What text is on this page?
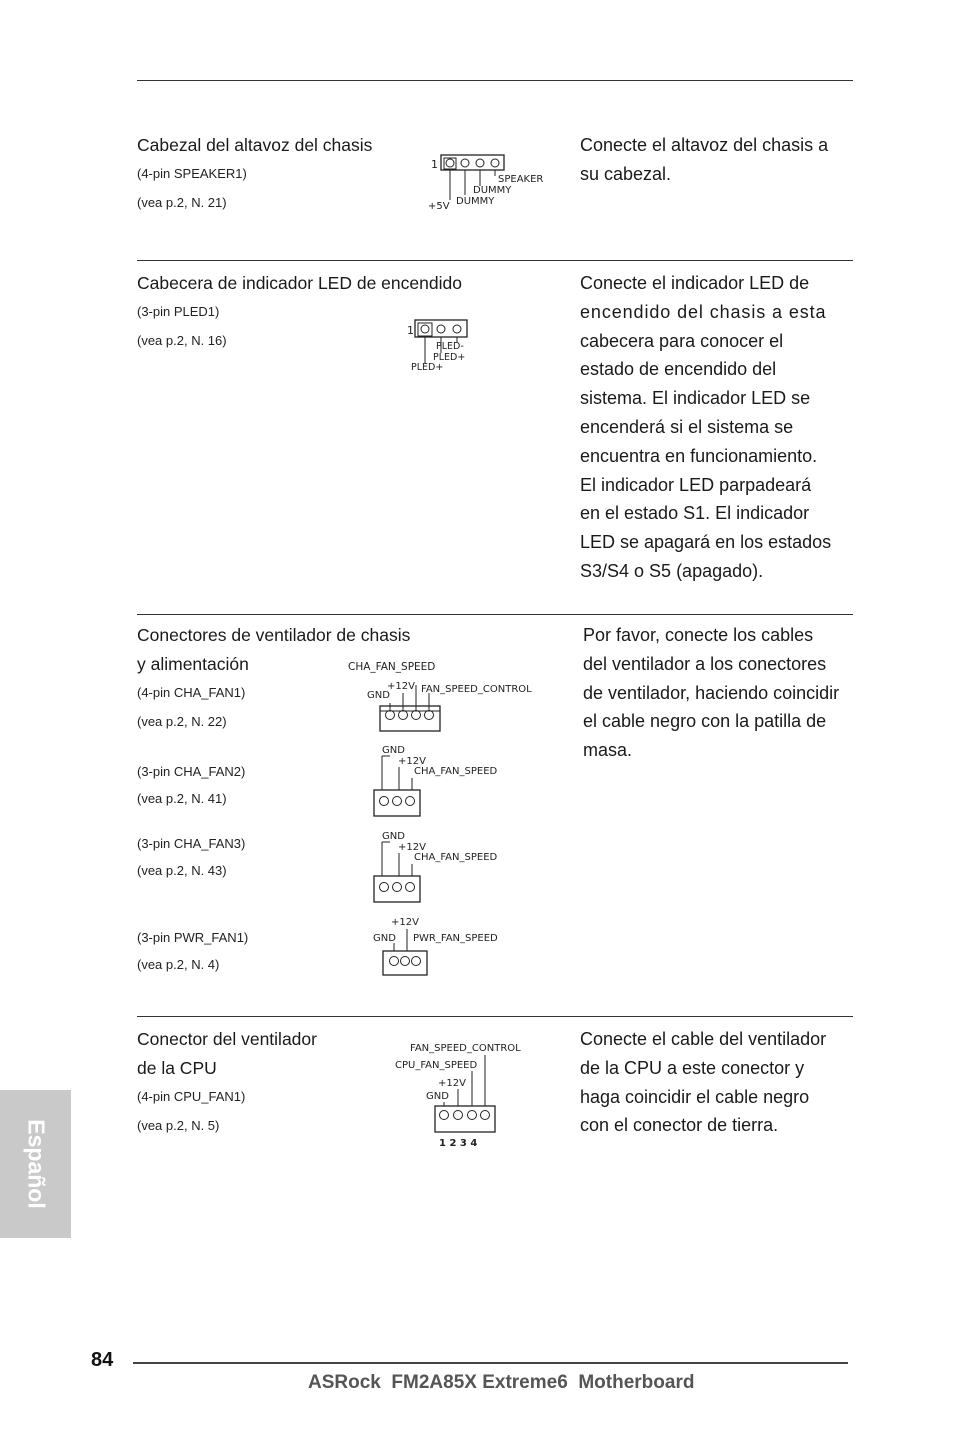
Cabezal del altavoz del chasis
(4-pin SPEAKER1)
(vea p.2, N. 21)
Conecte el altavoz del chasis a
su cabezal.
1
SPEAKER
DUMMY
DUMMY
+5V
Cabecera de indicador LED de encendido
(3-pin PLED1)
(vea p.2, N. 16)
Conecte el indicador LED de
encendido del chasis a esta
cabecera para conocer el
estado de encendido del
sistema. El indicador LED se
encenderá si el sistema se
encuentra en funcionamiento.
El indicador LED parpadeará
en el estado S1. El indicador
LED se apagará en los estados
S3/S4 o S5 (apagado).
1
PLED-
PLED+
PLED+
Conectores de ventilador de chasis
y alimentación
(4-pin CHA_FAN1)
(vea p.2, N. 22)
(3-pin CHA_FAN2)
(vea p.2, N. 41)
(3-pin CHA_FAN3)
(vea p.2, N. 43)
(3-pin PWR_FAN1)
(vea p.2, N. 4)
Por favor, conecte los cables
del ventilador a los conectores
de ventilador, haciendo coincidir
el cable negro con la patilla de
masa.
CHA_FAN_SPEED
+12V FAN_SPEED_CONTROL
GND
GND
+12V
CHA_FAN_SPEED
GND
+12V
CHA_FAN_SPEED
+12V
GND PWR_FAN_SPEED
Conector del ventilador
de la CPU
(4-pin CPU_FAN1)
(vea p.2, N. 5)
Conecte el cable del ventilador
de la CPU a este conector y
haga coincidir el cable negro
con el conector de tierra.
FAN_SPEED_CONTROL
CPU_FAN_SPEED
+12V
GND
1 2 3 4
Español
84
ASRock  FM2A85X Extreme6  Motherboard
